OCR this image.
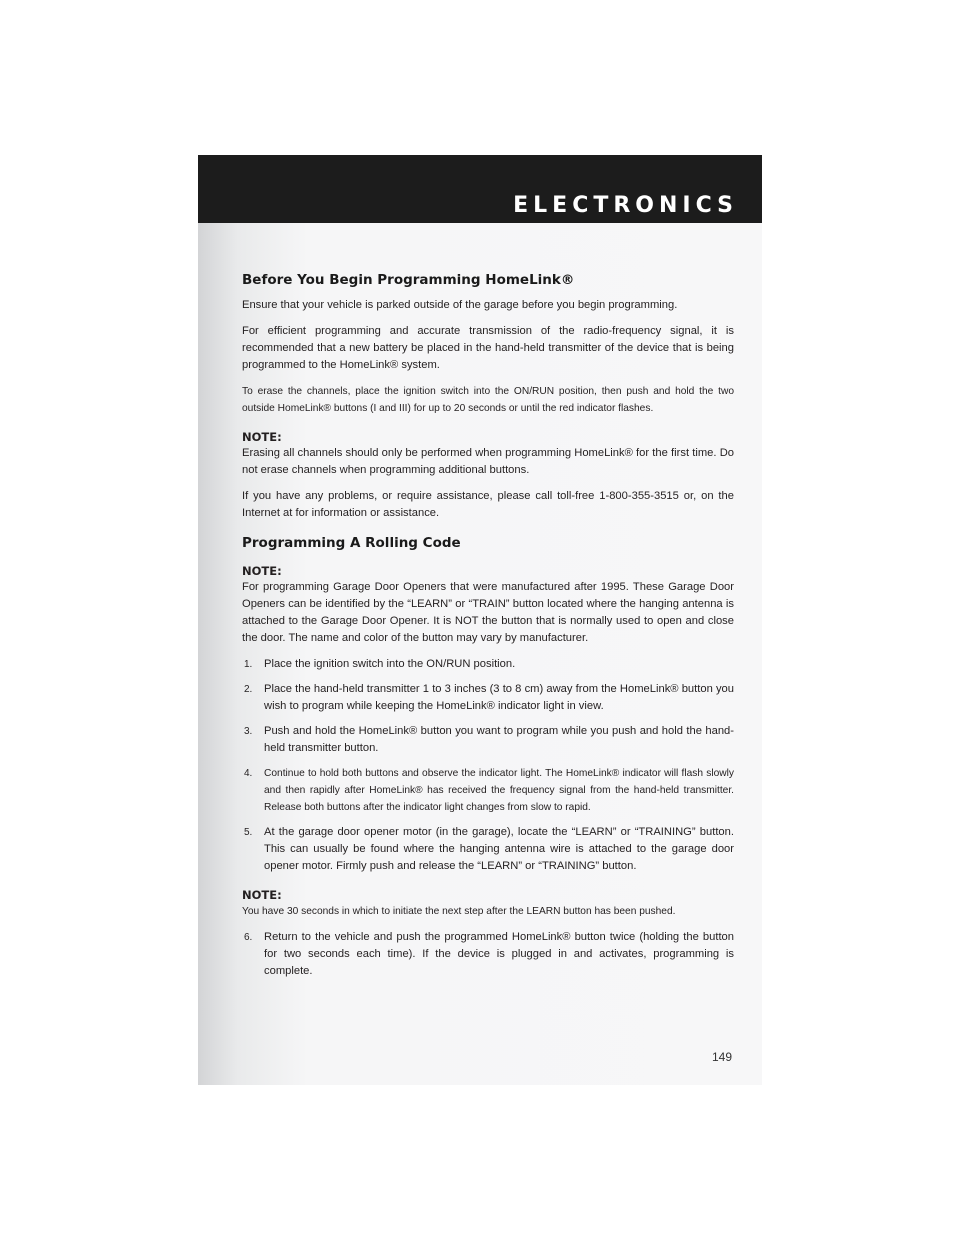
ELECTRONICS
Before You Begin Programming HomeLink®

Ensure that your vehicle is parked outside of the garage before you begin programming.

For efficient programming and accurate transmission of the radio-frequency signal, it is recommended that a new battery be placed in the hand-held transmitter of the device that is being programmed to the HomeLink® system.

To erase the channels, place the ignition switch into the ON/RUN position, then push and hold the two outside HomeLink® buttons (I and III) for up to 20 seconds or until the red indicator flashes.

NOTE:

Erasing all channels should only be performed when programming HomeLink® for the first time. Do not erase channels when programming additional buttons.

If you have any problems, or require assistance, please call toll-free 1-800-355-3515 or, on the Internet at for information or assistance.

Programming A Rolling Code
NOTE:

For programming Garage Door Openers that were manufactured after 1995. These Garage Door Openers can be identified by the “LEARN” or “TRAIN” button located where the hanging antenna is attached to the Garage Door Opener. It is NOT the button that is normally used to open and close the door. The name and color of the button may vary by manufacturer.

1. Place the ignition switch into the ON/RUN position.
2. Place the hand-held transmitter 1 to 3 inches (3 to 8 cm) away from the HomeLink® button you wish to program while keeping the HomeLink® indicator light in view.
3. Push and hold the HomeLink® button you want to program while you push and hold the hand-held transmitter button.
4. Continue to hold both buttons and observe the indicator light. The HomeLink® indicator will flash slowly and then rapidly after HomeLink® has received the frequency signal from the hand-held transmitter. Release both buttons after the indicator light changes from slow to rapid.
5. At the garage door opener motor (in the garage), locate the “LEARN” or “TRAINING” button. This can usually be found where the hanging antenna wire is attached to the garage door opener motor. Firmly push and release the “LEARN” or “TRAINING” button.
NOTE:

You have 30 seconds in which to initiate the next step after the LEARN button has been pushed.

6. Return to the vehicle and push the programmed HomeLink® button twice (holding the button for two seconds each time). If the device is plugged in and activates, programming is complete.
149
